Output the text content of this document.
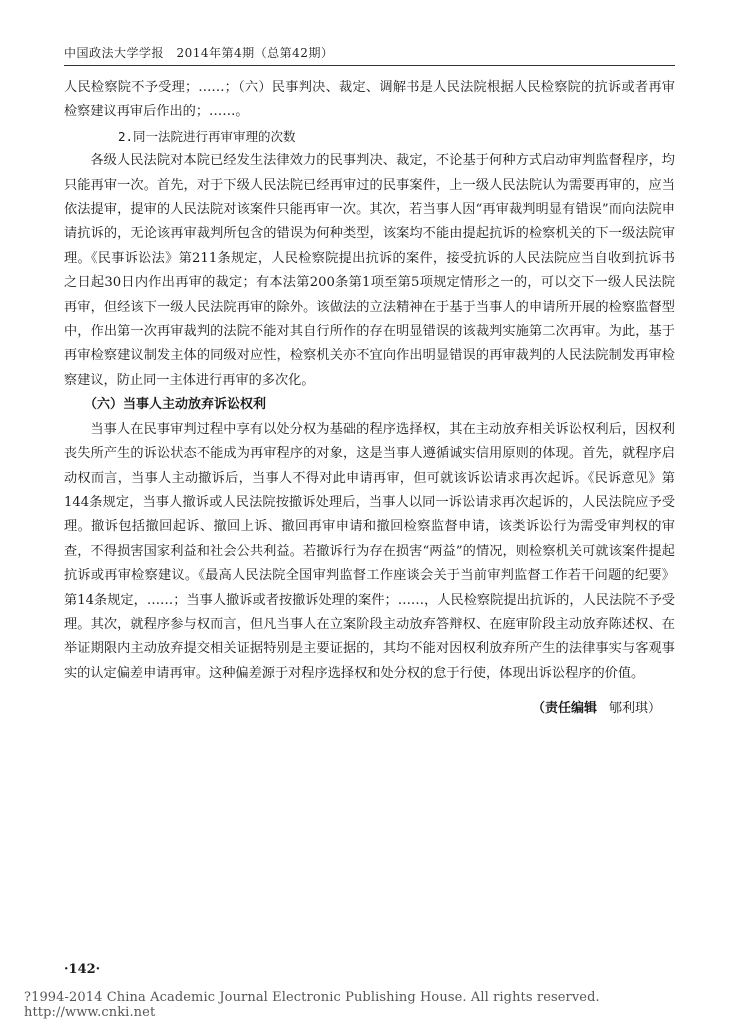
中国政法大学学报　2014年第4期（总第42期）

人民检察院不予受理；……；（六）民事判决、裁定、调解书是人民法院根据人民检察院的抗诉或者再审检察建议再审后作出的；……。

2.同一法院进行再审审理的次数

各级人民法院对本院已经发生法律效力的民事判决、裁定，不论基于何种方式启动审判监督程序，均只能再审一次。首先，对于下级人民法院已经再审过的民事案件，上一级人民法院认为需要再审的，应当依法提审，提审的人民法院对该案件只能再审一次。其次，若当事人因“再审裁判明显有错误”而向法院申请抗诉的，无论该再审裁判所包含的错误为何种类型，该案均不能由提起抗诉的检察机关的下一级法院审理。《民事诉讼法》第211条规定，人民检察院提出抗诉的案件，接受抗诉的人民法院应当自收到抗诉书之日起30日内作出再审的裁定；有本法第200条第1项至第5项规定情形之一的，可以交下一级人民法院再审，但经该下一级人民法院再审的除外。该做法的立法精神在于基于当事人的申请所开展的检察监督型中，作出第一次再审裁判的法院不能对其自行所作的存在明显错误的该裁判实施第二次再审。为此，基于再审检察建议制发主体的同级对应性，检察机关亦不宜向作出明显错误的再审裁判的人民法院制发再审检察建议，防止同一主体进行再审的多次化。

（六）当事人主动放弃诉讼权利

当事人在民事审判过程中享有以处分权为基础的程序选择权，其在主动放弃相关诉讼权利后，因权利丧失所产生的诉讼状态不能成为再审程序的对象，这是当事人遵循诚实信用原则的体现。首先，就程序启动权而言，当事人主动撤诉后，当事人不得对此申请再审，但可就该诉讼请求再次起诉。《民诉意见》第144条规定，当事人撤诉或人民法院按撤诉处理后，当事人以同一诉讼请求再次起诉的，人民法院应予受理。撤诉包括撤回起诉、撤回上诉、撤回再审申请和撤回检察监督申请，该类诉讼行为需受审判权的审查，不得损害国家利益和社会公共利益。若撤诉行为存在损害“两益”的情况，则检察机关可就该案件提起抗诉或再审检察建议。《最高人民法院全国审判监督工作座谈会关于当前审判监督工作若干问题的纪要》第14条规定，……；当事人撤诉或者按撤诉处理的案件；……，人民检察院提出抗诉的，人民法院不予受理。其次，就程序参与权而言，但凡当事人在立案阶段主动放弃答辩权、在庭审阶段主动放弃陈述权、在举证期限内主动放弃提交相关证据特别是主要证据的，其均不能对因权利放弃所产生的法律事实与客观事实的认定偏差申请再审。这种偏差源于对程序选择权和处分权的怠于行使，体现出诉讼程序的价值。

（责任编辑 郇利琪）
·142·
?1994-2014 China Academic Journal Electronic Publishing House. All rights reserved. http://www.cnki.net
